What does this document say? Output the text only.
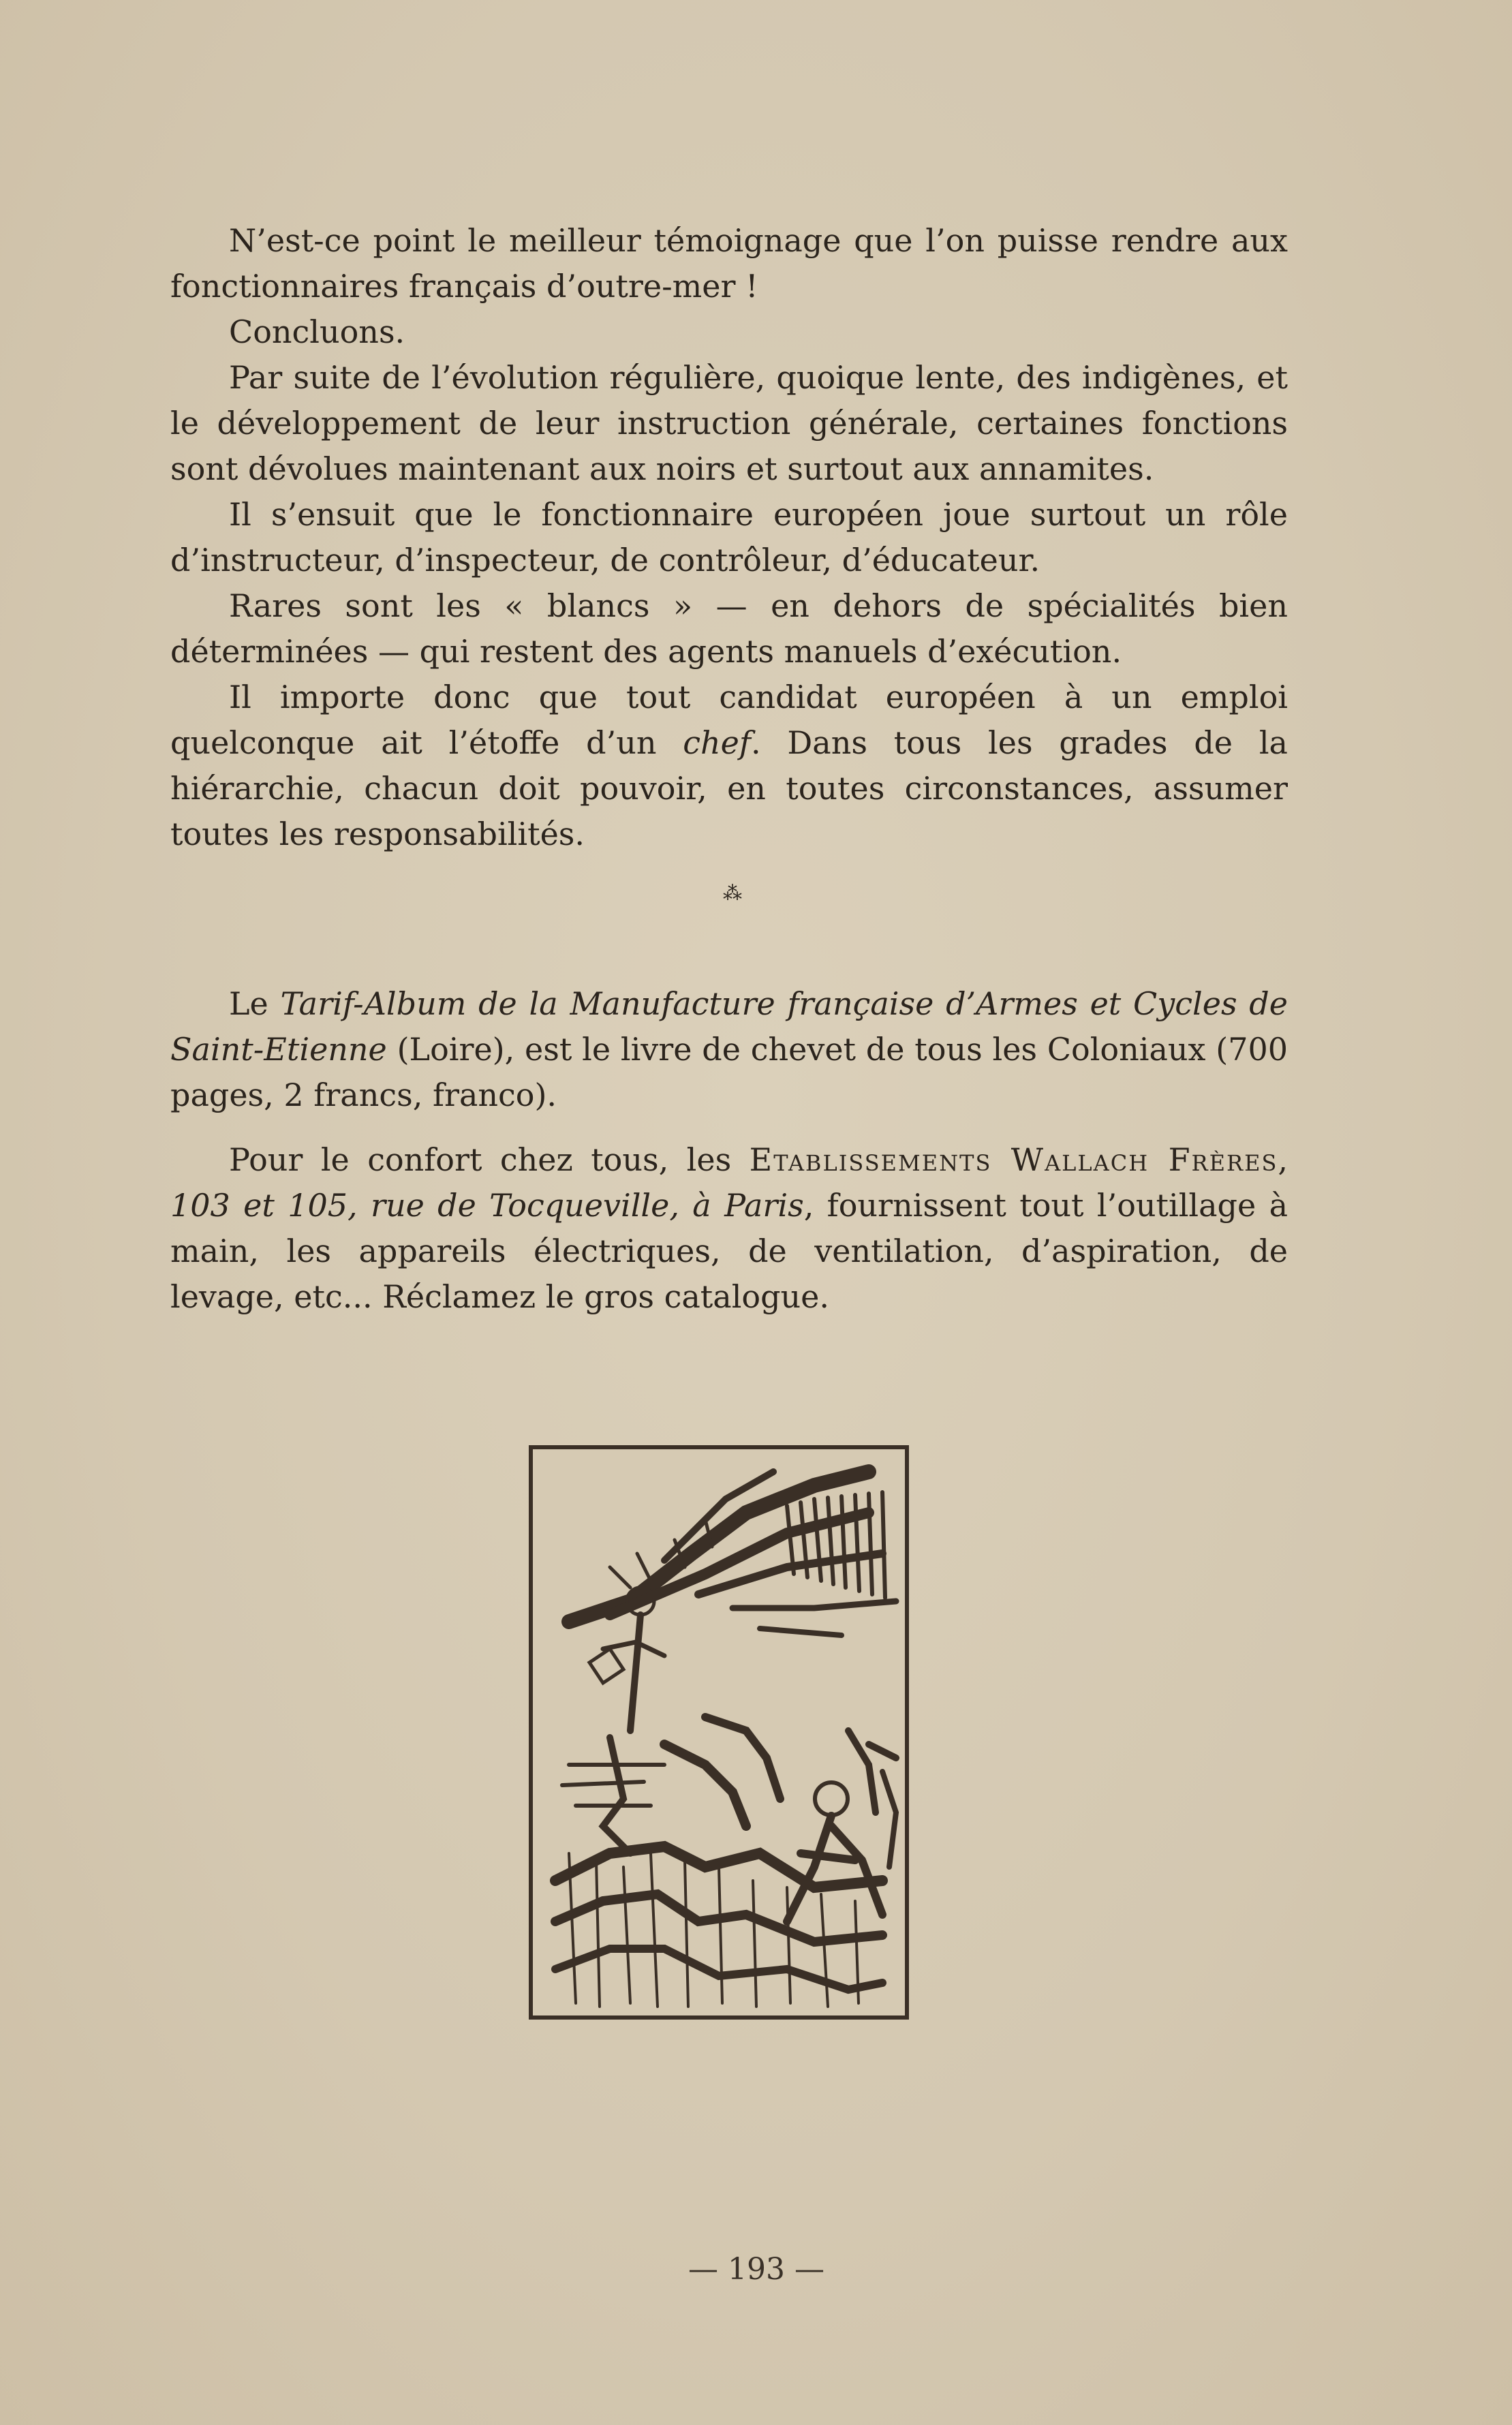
N’est-ce point le meilleur témoignage que l’on puisse rendre aux fonctionnaires français d’outre-mer !

Concluons.

Par suite de l’évolution régulière, quoique lente, des indigènes, et le développement de leur instruction générale, certaines fonctions sont dévolues maintenant aux noirs et surtout aux annamites.

Il s’ensuit que le fonctionnaire européen joue surtout un rôle d’instructeur, d’inspecteur, de contrôleur, d’éducateur.

Rares sont les « blancs » — en dehors de spécialités bien déterminées — qui restent des agents manuels d’exécution.

Il importe donc que tout candidat européen à un emploi quelconque ait l’étoffe d’un chef. Dans tous les grades de la hiérarchie, chacun doit pouvoir, en toutes circonstances, assumer toutes les responsabilités.

⁂

Le Tarif-Album de la Manufacture française d’Armes et Cycles de Saint-Etienne (Loire), est le livre de chevet de tous les Coloniaux (700 pages, 2 francs, franco).

Pour le confort chez tous, les Etablissements Wallach Frères, 103 et 105, rue de Tocqueville, à Paris, fournissent tout l’outillage à main, les appareils électriques, de ventilation, d’aspiration, de levage, etc... Réclamez le gros catalogue.

— 193 —
